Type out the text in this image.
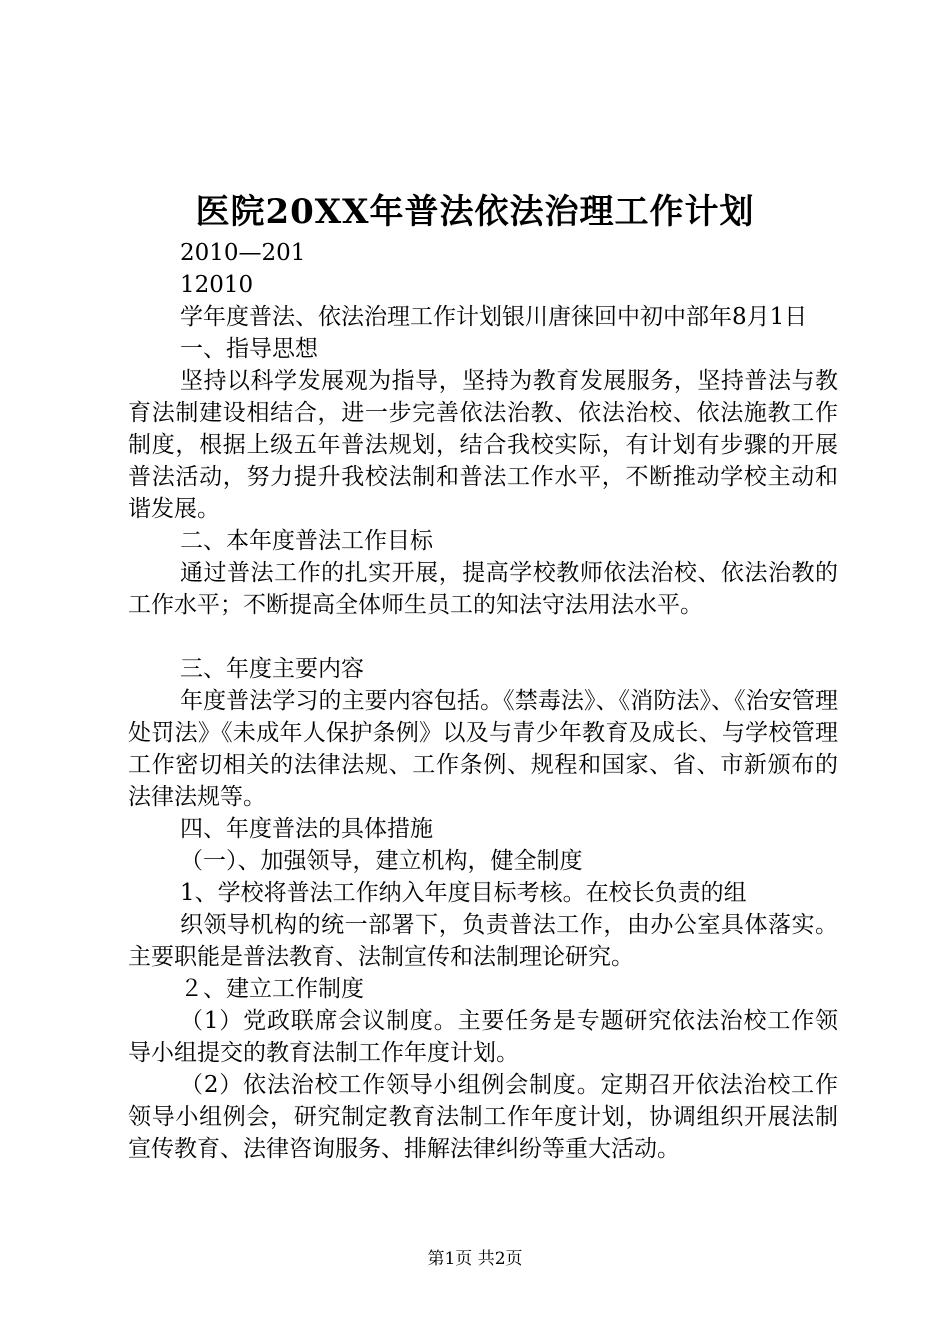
医院20XX年普法依法治理工作计划

2010—201

12010

学年度普法、依法治理工作计划银川唐徕回中初中部年8月1日

一、指导思想

坚持以科学发展观为指导，坚持为教育发展服务，坚持普法与教育法制建设相结合，进一步完善依法治教、依法治校、依法施教工作制度，根据上级五年普法规划，结合我校实际，有计划有步骤的开展普法活动，努力提升我校法制和普法工作水平，不断推动学校主动和谐发展。

二、本年度普法工作目标

通过普法工作的扎实开展，提高学校教师依法治校、依法治教的工作水平；不断提高全体师生员工的知法守法用法水平。

三、年度主要内容

年度普法学习的主要内容包括。《禁毒法》、《消防法》、《治安管理处罚法》《未成年人保护条例》以及与青少年教育及成长、与学校管理工作密切相关的法律法规、工作条例、规程和国家、省、市新颁布的法律法规等。

四、年度普法的具体措施

（一）、加强领导，建立机构，健全制度

1、学校将普法工作纳入年度目标考核。在校长负责的组

织领导机构的统一部署下，负责普法工作，由办公室具体落实。主要职能是普法教育、法制宣传和法制理论研究。

２、建立工作制度

（1）党政联席会议制度。主要任务是专题研究依法治校工作领导小组提交的教育法制工作年度计划。

（2）依法治校工作领导小组例会制度。定期召开依法治校工作领导小组例会，研究制定教育法制工作年度计划，协调组织开展法制宣传教育、法律咨询服务、排解法律纠纷等重大活动。

第1页 共2页
